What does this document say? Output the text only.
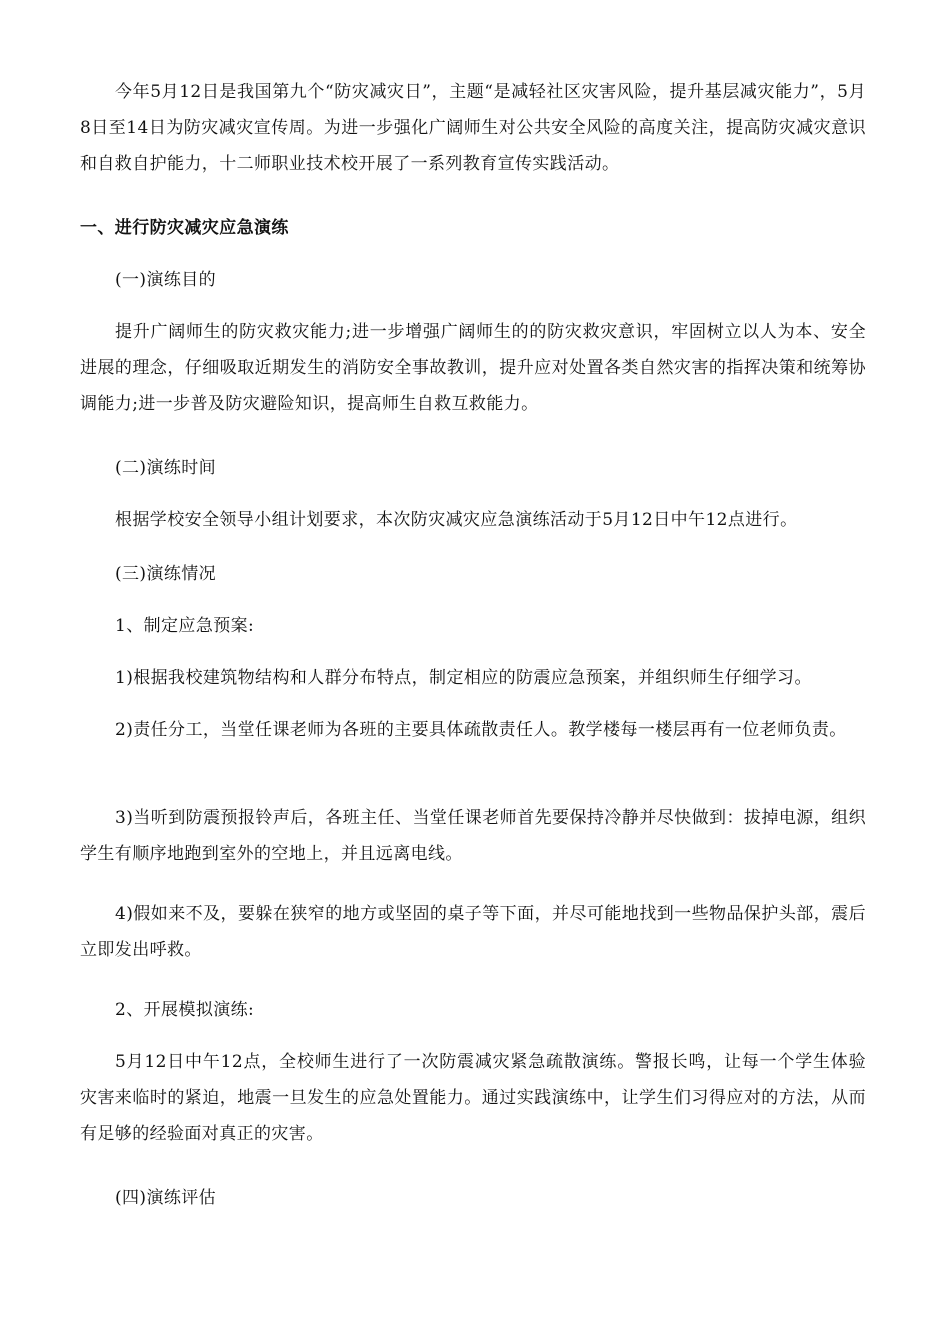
今年5月12日是我国第九个“防灾减灾日”，主题“是减轻社区灾害风险，提升基层减灾能力”，5月8日至14日为防灾减灾宣传周。为进一步强化广阔师生对公共安全风险的高度关注，提高防灾减灾意识和自救自护能力，十二师职业技术校开展了一系列教育宣传实践活动。

一、进行防灾减灾应急演练

(一)演练目的

提升广阔师生的防灾救灾能力;进一步增强广阔师生的的防灾救灾意识，牢固树立以人为本、安全进展的理念，仔细吸取近期发生的消防安全事故教训，提升应对处置各类自然灾害的指挥决策和统筹协调能力;进一步普及防灾避险知识，提高师生自救互救能力。

(二)演练时间

根据学校安全领导小组计划要求，本次防灾减灾应急演练活动于5月12日中午12点进行。

(三)演练情况

1、制定应急预案:

1)根据我校建筑物结构和人群分布特点，制定相应的防震应急预案，并组织师生仔细学习。

2)责任分工，当堂任课老师为各班的主要具体疏散责任人。教学楼每一楼层再有一位老师负责。

3)当听到防震预报铃声后，各班主任、当堂任课老师首先要保持冷静并尽快做到：拔掉电源，组织学生有顺序地跑到室外的空地上，并且远离电线。

4)假如来不及，要躲在狭窄的地方或坚固的桌子等下面，并尽可能地找到一些物品保护头部，震后立即发出呼救。

2、开展模拟演练:

5月12日中午12点，全校师生进行了一次防震减灾紧急疏散演练。警报长鸣，让每一个学生体验灾害来临时的紧迫，地震一旦发生的应急处置能力。通过实践演练中，让学生们习得应对的方法，从而有足够的经验面对真正的灾害。

(四)演练评估
